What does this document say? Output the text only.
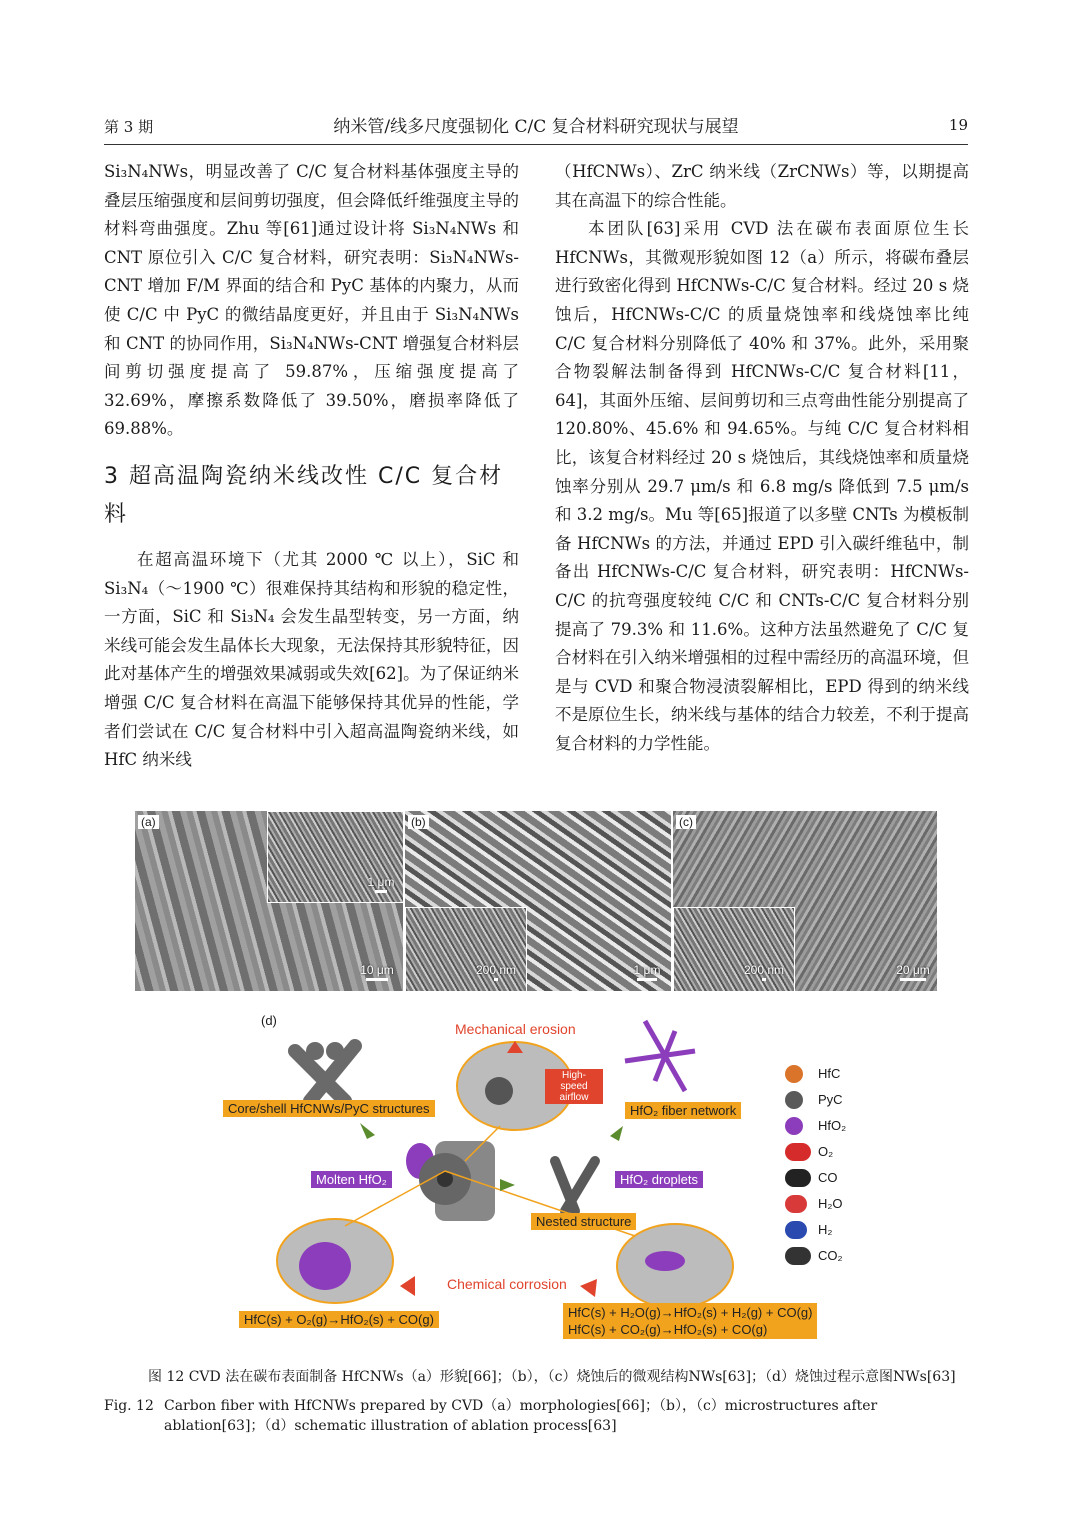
第 3 期	纳米管/线多尺度强韧化 C/C 复合材料研究现状与展望	19

Si₃N₄NWs，明显改善了 C/C 复合材料基体强度主导的叠层压缩强度和层间剪切强度，但会降低纤维强度主导的材料弯曲强度。Zhu 等[61]通过设计将 Si₃N₄NWs 和 CNT 原位引入 C/C 复合材料，研究表明：Si₃N₄NWs-CNT 增加 F/M 界面的结合和 PyC 基体的内聚力，从而使 C/C 中 PyC 的微结晶度更好，并且由于 Si₃N₄NWs 和 CNT 的协同作用，Si₃N₄NWs-CNT 增强复合材料层间剪切强度提高了 59.87%，压缩强度提高了 32.69%，摩擦系数降低了 39.50%，磨损率降低了 69.88%。

3 超高温陶瓷纳米线改性 C/C 复合材料

在超高温环境下（尤其 2000 ℃ 以上），SiC 和 Si₃N₄（～1900 ℃）很难保持其结构和形貌的稳定性，一方面，SiC 和 Si₃N₄ 会发生晶型转变，另一方面，纳米线可能会发生晶体长大现象，无法保持其形貌特征，因此对基体产生的增强效果减弱或失效[62]。为了保证纳米增强 C/C 复合材料在高温下能够保持其优异的性能，学者们尝试在 C/C 复合材料中引入超高温陶瓷纳米线，如 HfC 纳米线

（HfCNWs）、ZrC 纳米线（ZrCNWs）等，以期提高其在高温下的综合性能。

本团队[63]采用 CVD 法在碳布表面原位生长 HfCNWs，其微观形貌如图 12（a）所示，将碳布叠层进行致密化得到 HfCNWs-C/C 复合材料。经过 20 s 烧蚀后，HfCNWs-C/C 的质量烧蚀率和线烧蚀率比纯 C/C 复合材料分别降低了 40% 和 37%。此外，采用聚合物裂解法制备得到 HfCNWs-C/C 复合材料[11，64]，其面外压缩、层间剪切和三点弯曲性能分别提高了 120.80%、45.6% 和 94.65%。与纯 C/C 复合材料相比，该复合材料经过 20 s 烧蚀后，其线烧蚀率和质量烧蚀率分别从 29.7 μm/s 和 6.8 mg/s 降低到 7.5 μm/s 和 3.2 mg/s。Mu 等[65]报道了以多壁 CNTs 为模板制备 HfCNWs 的方法，并通过 EPD 引入碳纤维毡中，制备出 HfCNWs-C/C 复合材料，研究表明：HfCNWs-C/C 的抗弯强度较纯 C/C 和 CNTs-C/C 复合材料分别提高了 79.3% 和 11.6%。这种方法虽然避免了 C/C 复合材料在引入纳米增强相的过程中需经历的高温环境，但是与 CVD 和聚合物浸渍裂解相比，EPD 得到的纳米线不是原位生长，纳米线与基体的结合力较差，不利于提高复合材料的力学性能。

(a)
1 μm
10 μm
(b)
200 nm	1 μm
(c)
200 nm	20 μm
(d)
Mechanical erosion
High-speed airflow
Core/shell HfCNWs/PyC structures	HfO₂ fiber network
Molten HfO₂	HfO₂ droplets
Nested structure
Chemical corrosion
HfC(s) + O₂(g)→HfO₂(s) + CO(g)	HfC(s) + H₂O(g)→HfO₂(s) + H₂(g) + CO(g)
HfC(s) + CO₂(g)→HfO₂(s) + CO(g)
HfC
PyC
HfO₂
O₂
CO
H₂O
H₂
CO₂
图 12 CVD 法在碳布表面制备 HfCNWs（a）形貌[66]；（b），（c）烧蚀后的微观结构NWs[63]；（d）烧蚀过程示意图NWs[63]
Fig. 12 Carbon fiber with HfCNWs prepared by CVD（a）morphologies[66]；（b），（c）microstructures after ablation[63]；（d）schematic illustration of ablation process[63]
